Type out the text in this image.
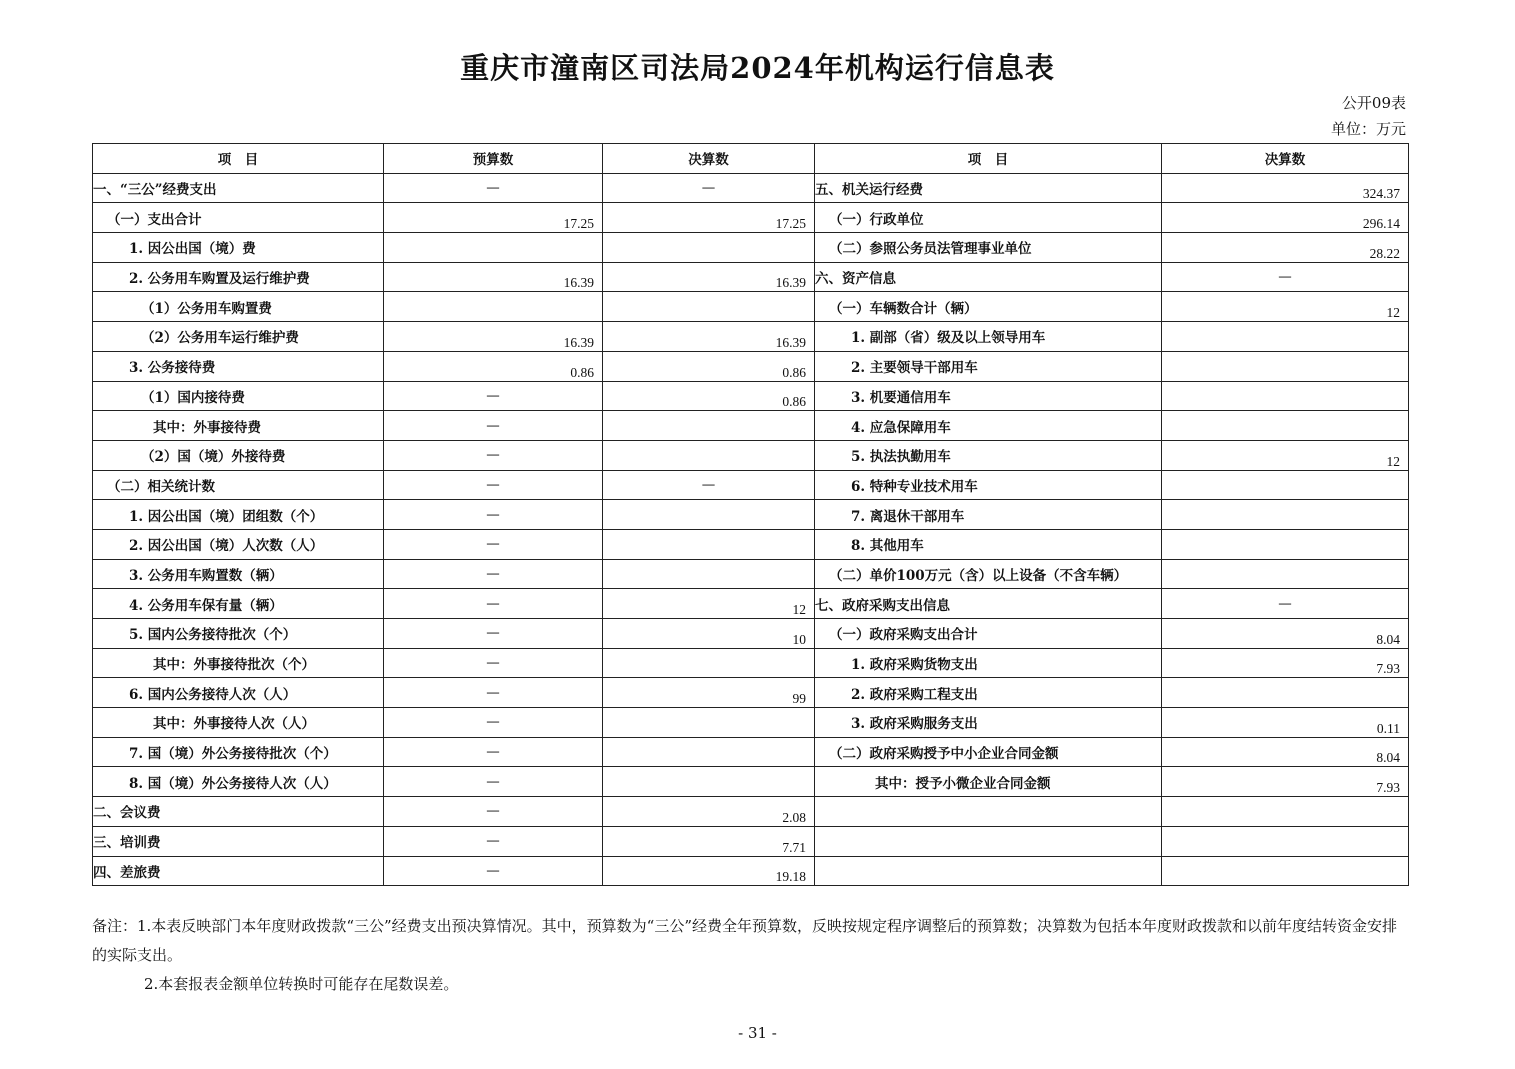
重庆市潼南区司法局2024年机构运行信息表
公开09表
单位：万元
项　目	预算数	决算数	项　目	决算数
一、“三公”经费支出	—	—	五、机关运行经费	324.37
（一）支出合计	17.25	17.25	（一）行政单位	296.14
1. 因公出国（境）费			（二）参照公务员法管理事业单位	28.22
2. 公务用车购置及运行维护费	16.39	16.39	六、资产信息	—
（1）公务用车购置费			（一）车辆数合计（辆）	12
（2）公务用车运行维护费	16.39	16.39	1. 副部（省）级及以上领导用车	
3. 公务接待费	0.86	0.86	2. 主要领导干部用车	
（1）国内接待费	—	0.86	3. 机要通信用车	
其中：外事接待费	—		4. 应急保障用车	
（2）国（境）外接待费	—		5. 执法执勤用车	12
（二）相关统计数	—	—	6. 特种专业技术用车	
1. 因公出国（境）团组数（个）	—		7. 离退休干部用车	
2. 因公出国（境）人次数（人）	—		8. 其他用车	
3. 公务用车购置数（辆）	—		（二）单价100万元（含）以上设备（不含车辆）	
4. 公务用车保有量（辆）	—	12	七、政府采购支出信息	—
5. 国内公务接待批次（个）	—	10	（一）政府采购支出合计	8.04
其中：外事接待批次（个）	—		1. 政府采购货物支出	7.93
6. 国内公务接待人次（人）	—	99	2. 政府采购工程支出	
其中：外事接待人次（人）	—		3. 政府采购服务支出	0.11
7. 国（境）外公务接待批次（个）	—		（二）政府采购授予中小企业合同金额	8.04
8. 国（境）外公务接待人次（人）	—		其中：授予小微企业合同金额	7.93
二、会议费	—	2.08		
三、培训费	—	7.71		
四、差旅费	—	19.18		

备注：1.本表反映部门本年度财政拨款“三公”经费支出预决算情况。其中，预算数为“三公”经费全年预算数，反映按规定程序调整后的预算数；决算数为包括本年度财政拨款和以前年度结转资金安排的实际支出。

2.本套报表金额单位转换时可能存在尾数误差。

- 31 -
